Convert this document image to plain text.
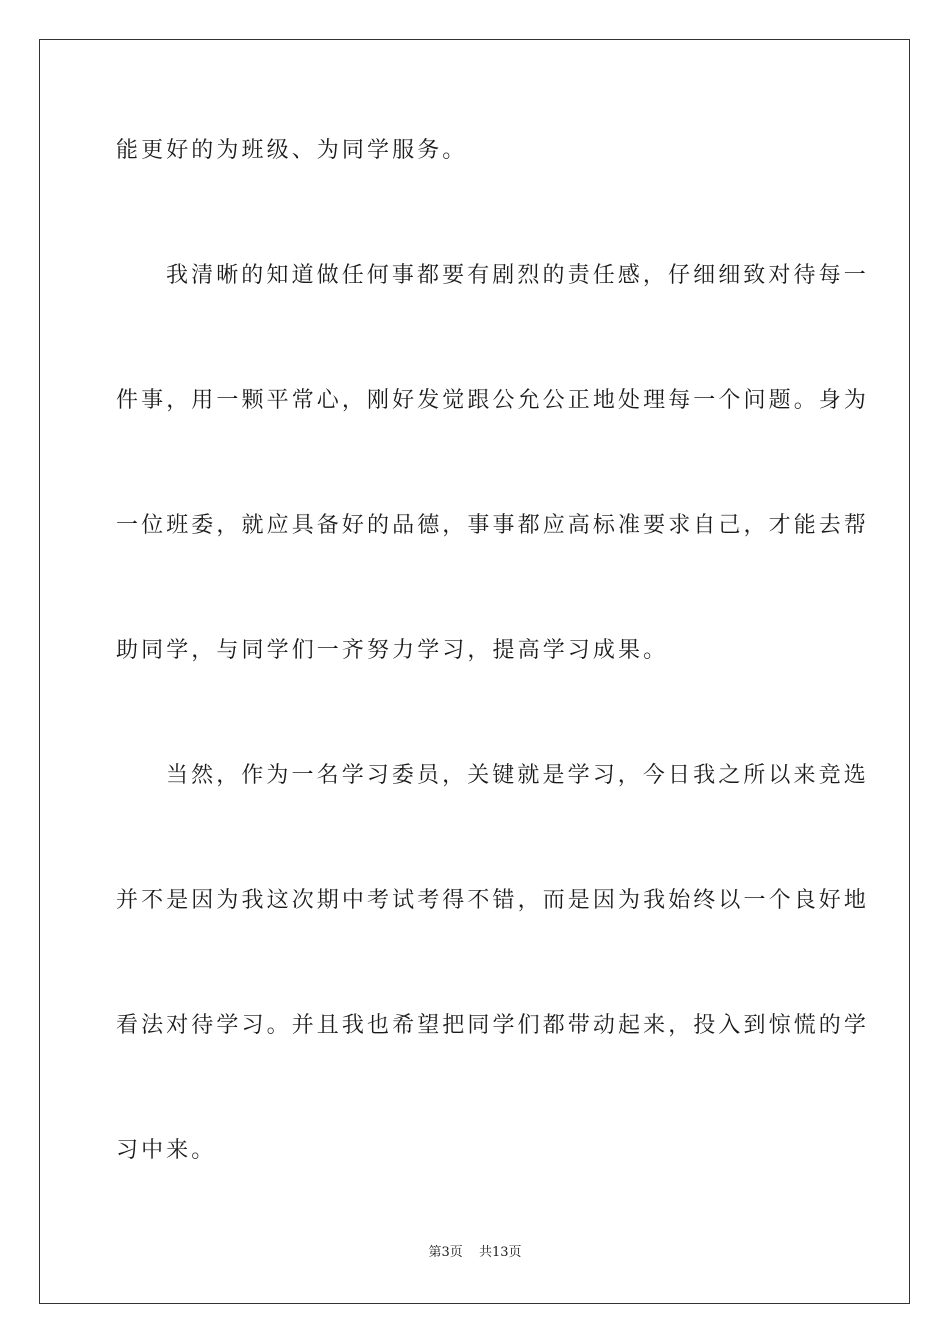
能更好的为班级、为同学服务。
我清晰的知道做任何事都要有剧烈的责任感，仔细细致对待每一
件事，用一颗平常心，刚好发觉跟公允公正地处理每一个问题。身为
一位班委，就应具备好的品德，事事都应高标准要求自己，才能去帮
助同学，与同学们一齐努力学习，提高学习成果。
当然，作为一名学习委员，关键就是学习，今日我之所以来竞选
并不是因为我这次期中考试考得不错，而是因为我始终以一个良好地
看法对待学习。并且我也希望把同学们都带动起来，投入到惊慌的学
习中来。
第3页 共13页
